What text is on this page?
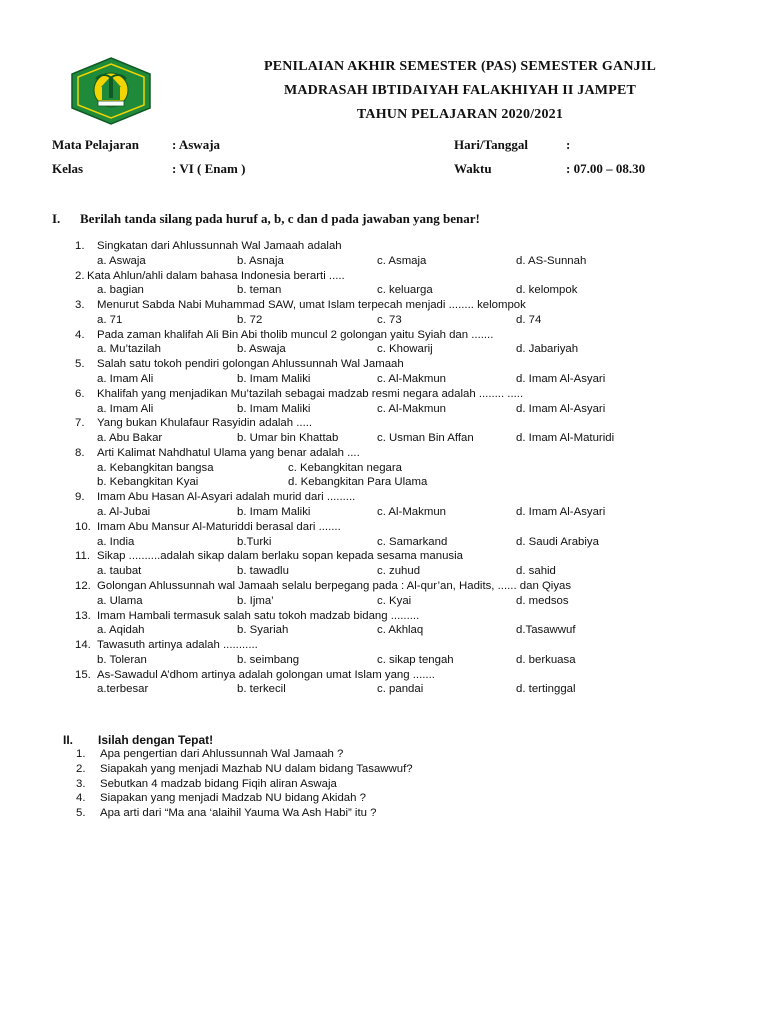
PENILAIAN AKHIR SEMESTER (PAS) SEMESTER GANJIL
MADRASAH IBTIDAIYAH FALAKHIYAH II JAMPET
TAHUN PELAJARAN 2020/2021
Mata Pelajaran	: Aswaja	Hari/Tanggal	:
Kelas	: VI ( Enam )	Waktu	: 07.00 – 08.30
I. Berilah tanda silang pada huruf a, b, c dan d pada jawaban yang benar!
1. Singkatan dari Ahlussunnah Wal Jamaah adalah
a. Aswaja	b. Asnaja	c. Asmaja	d. AS-Sunnah
2. Kata Ahlun/ahli dalam bahasa Indonesia berarti .....
a. bagian	b. teman	c. keluarga	d. kelompok
3. Menurut Sabda Nabi Muhammad SAW, umat Islam terpecah menjadi ........ kelompok
a. 71	b. 72	c. 73	d. 74
4. Pada zaman khalifah Ali Bin Abi tholib muncul 2 golongan yaitu Syiah dan .......
a. Mu’tazilah	b. Aswaja	c. Khowarij	d. Jabariyah
5. Salah satu tokoh pendiri golongan Ahlussunnah Wal Jamaah
a. Imam Ali	b. Imam Maliki	c. Al-Makmun	d. Imam Al-Asyari
6. Khalifah yang menjadikan Mu’tazilah sebagai madzab resmi negara adalah ........ .....
a. Imam Ali	b. Imam Maliki	c. Al-Makmun	d. Imam Al-Asyari
7. Yang bukan Khulafaur Rasyidin adalah .....
a. Abu Bakar	b. Umar bin Khattab	c. Usman Bin Affan	d. Imam Al-Maturidi
8. Arti Kalimat Nahdhatul Ulama yang benar adalah ....
a. Kebangkitan bangsa	c. Kebangkitan negara
b. Kebangkitan Kyai	d. Kebangkitan Para Ulama
9. Imam Abu Hasan Al-Asyari adalah murid dari .........
a. Al-Jubai	b. Imam Maliki	c. Al-Makmun	d. Imam Al-Asyari
10. Imam Abu Mansur Al-Maturiddi berasal dari .......
a. India	b.Turki	c. Samarkand	d. Saudi Arabiya
11. Sikap ..........adalah sikap dalam berlaku sopan kepada sesama manusia
a. taubat	b. tawadlu	c. zuhud	d. sahid
12. Golongan Ahlussunnah wal Jamaah selalu berpegang pada : Al-qur’an, Hadits, ...... dan Qiyas
a. Ulama	b. Ijma’	c. Kyai	d. medsos
13. Imam Hambali termasuk salah satu tokoh madzab bidang .........
a. Aqidah	b. Syariah	c. Akhlaq	d.Tasawwuf
14. Tawasuth artinya adalah ...........
b. Toleran	b. seimbang	c. sikap tengah	d. berkuasa
15. As-Sawadul A’dhom artinya adalah golongan umat Islam yang .......
a.terbesar	b. terkecil	c. pandai	d. tertinggal
II. Isilah dengan Tepat!
1. Apa pengertian dari Ahlussunnah Wal Jamaah ?
2. Siapakah yang menjadi Mazhab NU dalam bidang Tasawwuf?
3. Sebutkan 4 madzab bidang Fiqih aliran Aswaja
4. Siapakan yang menjadi Madzab NU bidang Akidah ?
5. Apa arti dari “Ma ana ‘alaihil Yauma Wa Ash Habi” itu ?
